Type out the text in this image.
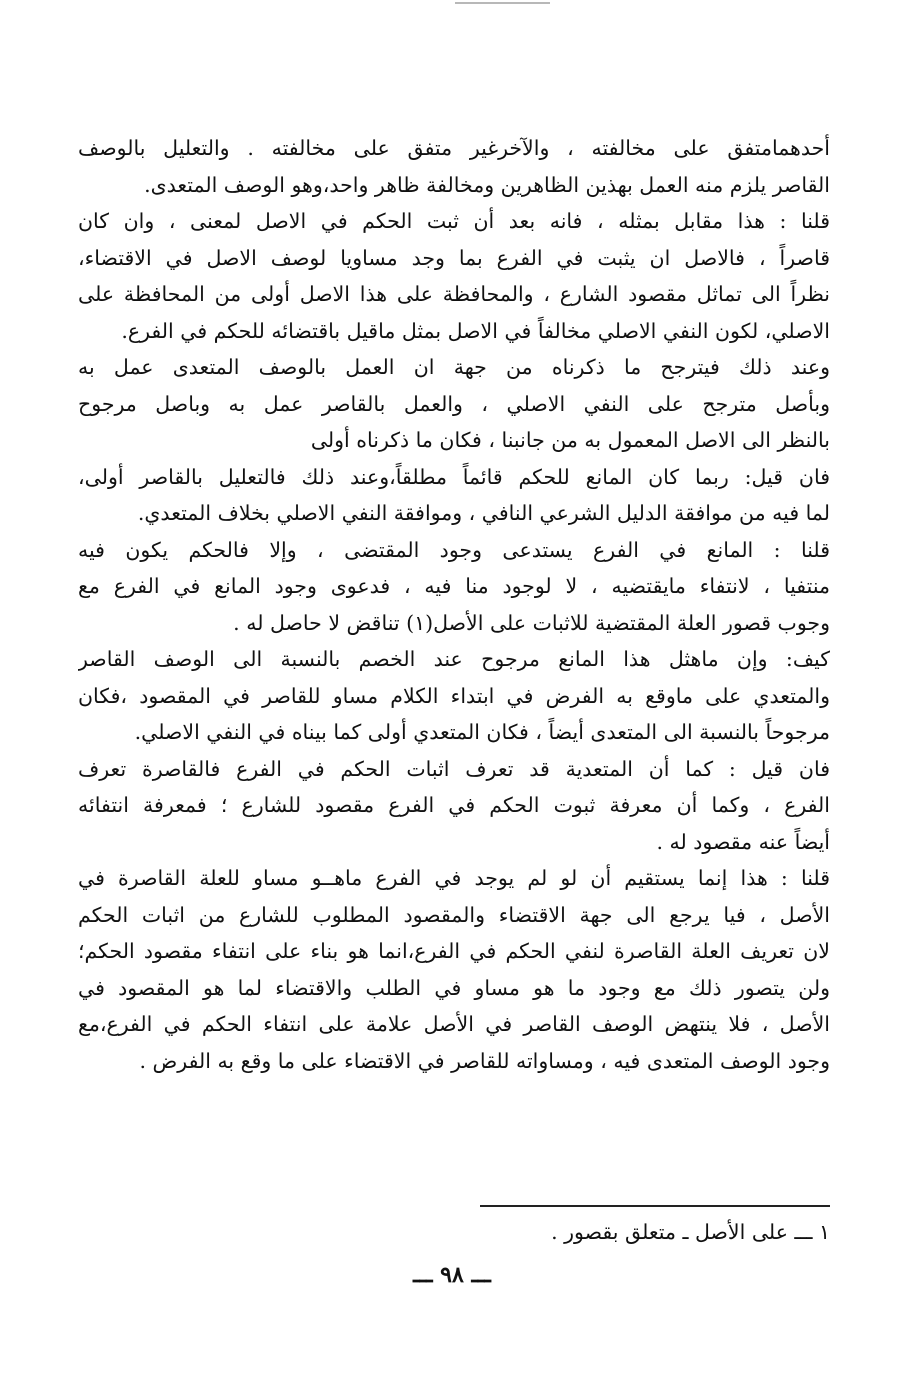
أحدهمامتفق على مخالفته ، والآخرغير متفق على مخالفته . والتعليل بالوصف
القاصر يلزم منه العمل بهذين الظاهرين ومخالفة ظاهر واحد،وهو الوصف المتعدى.
قلنا : هذا مقابل بمثله ، فانه بعد أن ثبت الحكم في الاصل لمعنى ، وان كان
قاصراً ، فالاصل ان يثبت في الفرع بما وجد مساويا لوصف الاصل في الاقتضاء،
نظراً الى تماثل مقصود الشارع ، والمحافظة على هذا الاصل أولى من المحافظة على
الاصلي، لكون النفي الاصلي مخالفاً في الاصل بمثل ماقيل باقتضائه للحكم في الفرع.
وعند ذلك فيترجح ما ذكرناه من جهة ان العمل بالوصف المتعدى عمل به
وبأصل مترجح على النفي الاصلي ، والعمل بالقاصر عمل به وباصل مرجوح
بالنظر الى الاصل المعمول به من جانبنا ، فكان ما ذكرناه أولى
فان قيل: ربما كان المانع للحكم قائماً مطلقاً،وعند ذلك فالتعليل بالقاصر أولى،
لما فيه من موافقة الدليل الشرعي النافي ، وموافقة النفي الاصلي بخلاف المتعدي.
قلنا : المانع في الفرع يستدعى وجود المقتضى ، وإلا فالحكم يكون فيه
منتفيا ، لانتفاء مايقتضيه ، لا لوجود منا فيه ، فدعوى وجود المانع في الفرع مع
وجوب قصور العلة المقتضية للاثبات على الأصل(١) تناقض لا حاصل له .
كيف: وإن ماهثل هذا المانع مرجوح عند الخصم بالنسبة الى الوصف القاصر
والمتعدي على ماوقع به الفرض في ابتداء الكلام مساو للقاصر في المقصود ،فكان
مرجوحاً بالنسبة الى المتعدى أيضاً ، فكان المتعدي أولى كما بيناه في النفي الاصلي.
فان قيل : كما أن المتعدية قد تعرف اثبات الحكم في الفرع فالقاصرة تعرف
الفرع ، وكما أن معرفة ثبوت الحكم في الفرع مقصود للشارع ؛ فمعرفة انتفائه
أيضاً عنه مقصود له .
قلنا : هذا إنما يستقيم أن لو لم يوجد في الفرع ماهــو مساو للعلة القاصرة في
الأصل ، فيا يرجع الى جهة الاقتضاء والمقصود المطلوب للشارع من اثبات الحكم
لان تعريف العلة القاصرة لنفي الحكم في الفرع،انما هو بناء على انتفاء مقصود الحكم؛
ولن يتصور ذلك مع وجود ما هو مساو في الطلب والاقتضاء لما هو المقصود في
الأصل ، فلا ينتهض الوصف القاصر في الأصل علامة على انتفاء الحكم في الفرع،مع
وجود الوصف المتعدى فيه ، ومساواته للقاصر في الاقتضاء على ما وقع به الفرض .
١ ـــ على الأصل ـ متعلق بقصور .
ـــ ٩٨ ـــ
